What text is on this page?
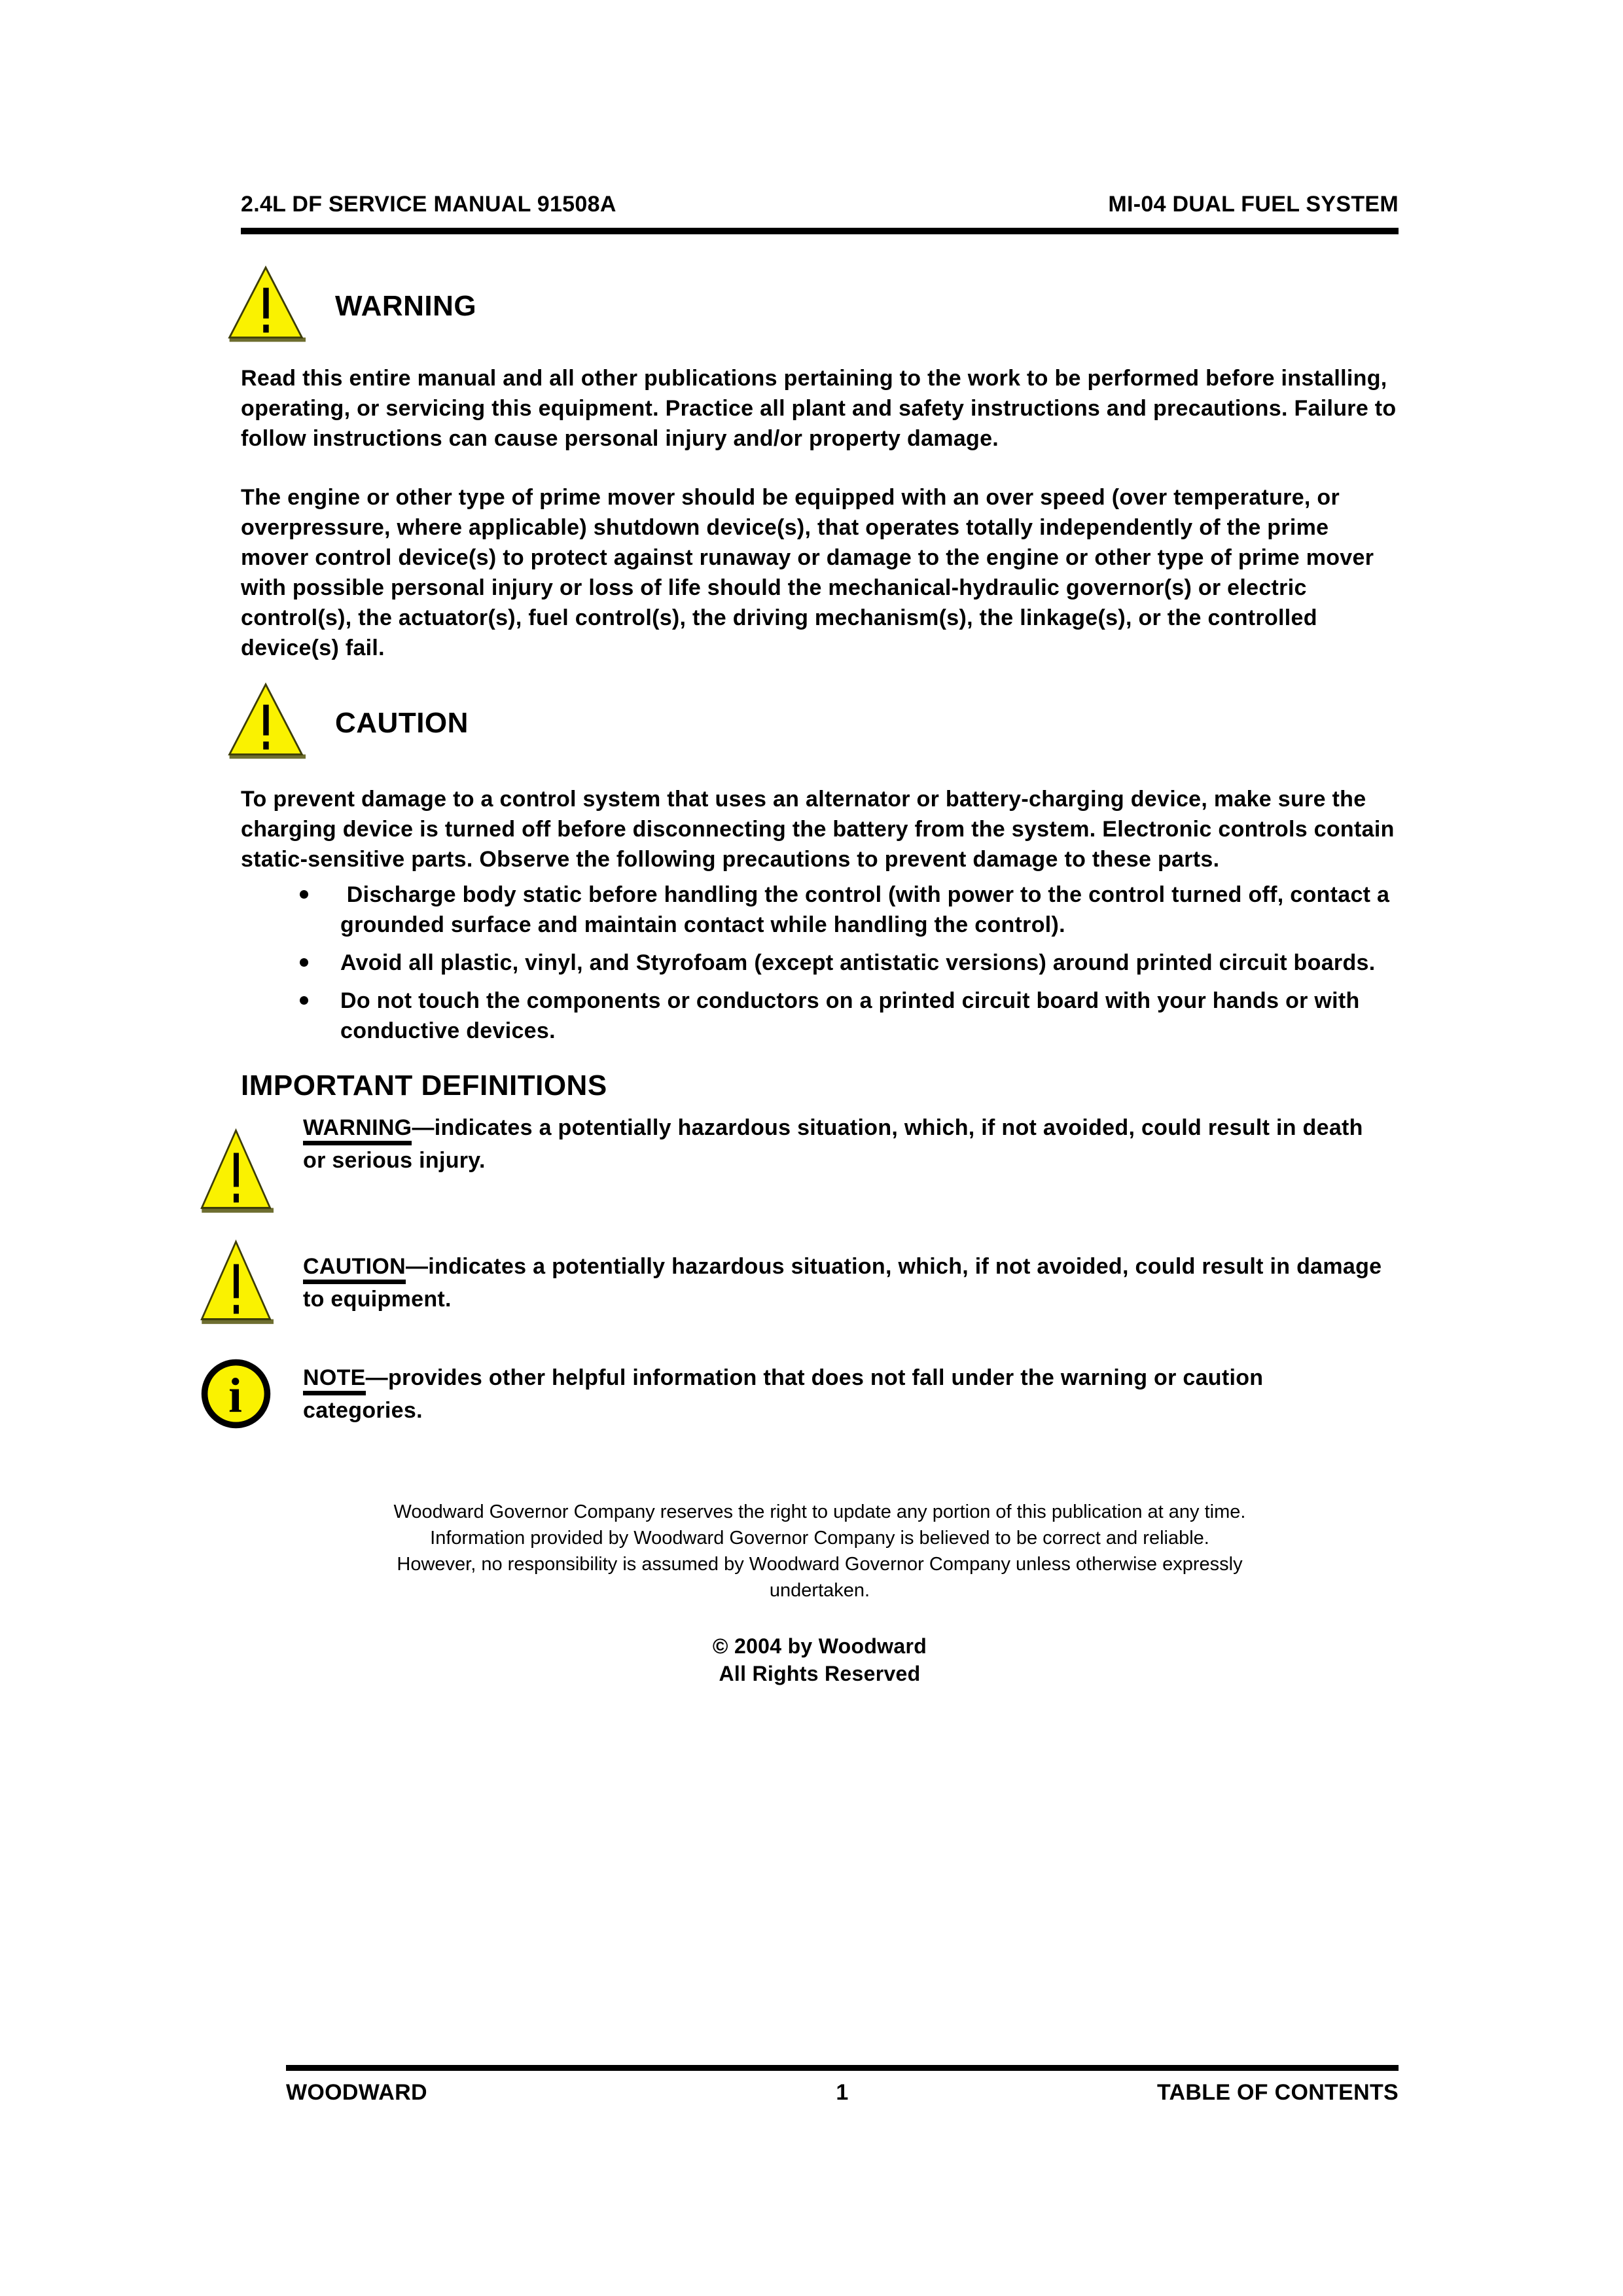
2.4L DF SERVICE MANUAL 91508A	MI-04 DUAL FUEL SYSTEM
WARNING

Read this entire manual and all other publications pertaining to the work to be performed before installing, operating, or servicing this equipment. Practice all plant and safety instructions and precautions. Failure to follow instructions can cause personal injury and/or property damage.

The engine or other type of prime mover should be equipped with an over speed (over temperature, or overpressure, where applicable) shutdown device(s), that operates totally independently of the prime mover control device(s) to protect against runaway or damage to the engine or other type of prime mover with possible personal injury or loss of life should the mechanical-hydraulic governor(s) or electric control(s), the actuator(s), fuel control(s), the driving mechanism(s), the linkage(s), or the controlled device(s) fail.

CAUTION

To prevent damage to a control system that uses an alternator or battery-charging device, make sure the charging device is turned off before disconnecting the battery from the system. Electronic controls contain static-sensitive parts. Observe the following precautions to prevent damage to these parts.

Discharge body static before handling the control (with power to the control turned off, contact a grounded surface and maintain contact while handling the control).
Avoid all plastic, vinyl, and Styrofoam (except antistatic versions) around printed circuit boards.
Do not touch the components or conductors on a printed circuit board with your hands or with conductive devices.
IMPORTANT DEFINITIONS
WARNING—indicates a potentially hazardous situation, which, if not avoided, could result in death or serious injury.
CAUTION—indicates a potentially hazardous situation, which, if not avoided, could result in damage to equipment.
i	NOTE—provides other helpful information that does not fall under the warning or caution categories.
Woodward Governor Company reserves the right to update any portion of this publication at any time.
Information provided by Woodward Governor Company is believed to be correct and reliable.
However, no responsibility is assumed by Woodward Governor Company unless otherwise expressly
undertaken.
© 2004 by Woodward
All Rights Reserved
WOODWARD	1	TABLE OF CONTENTS
